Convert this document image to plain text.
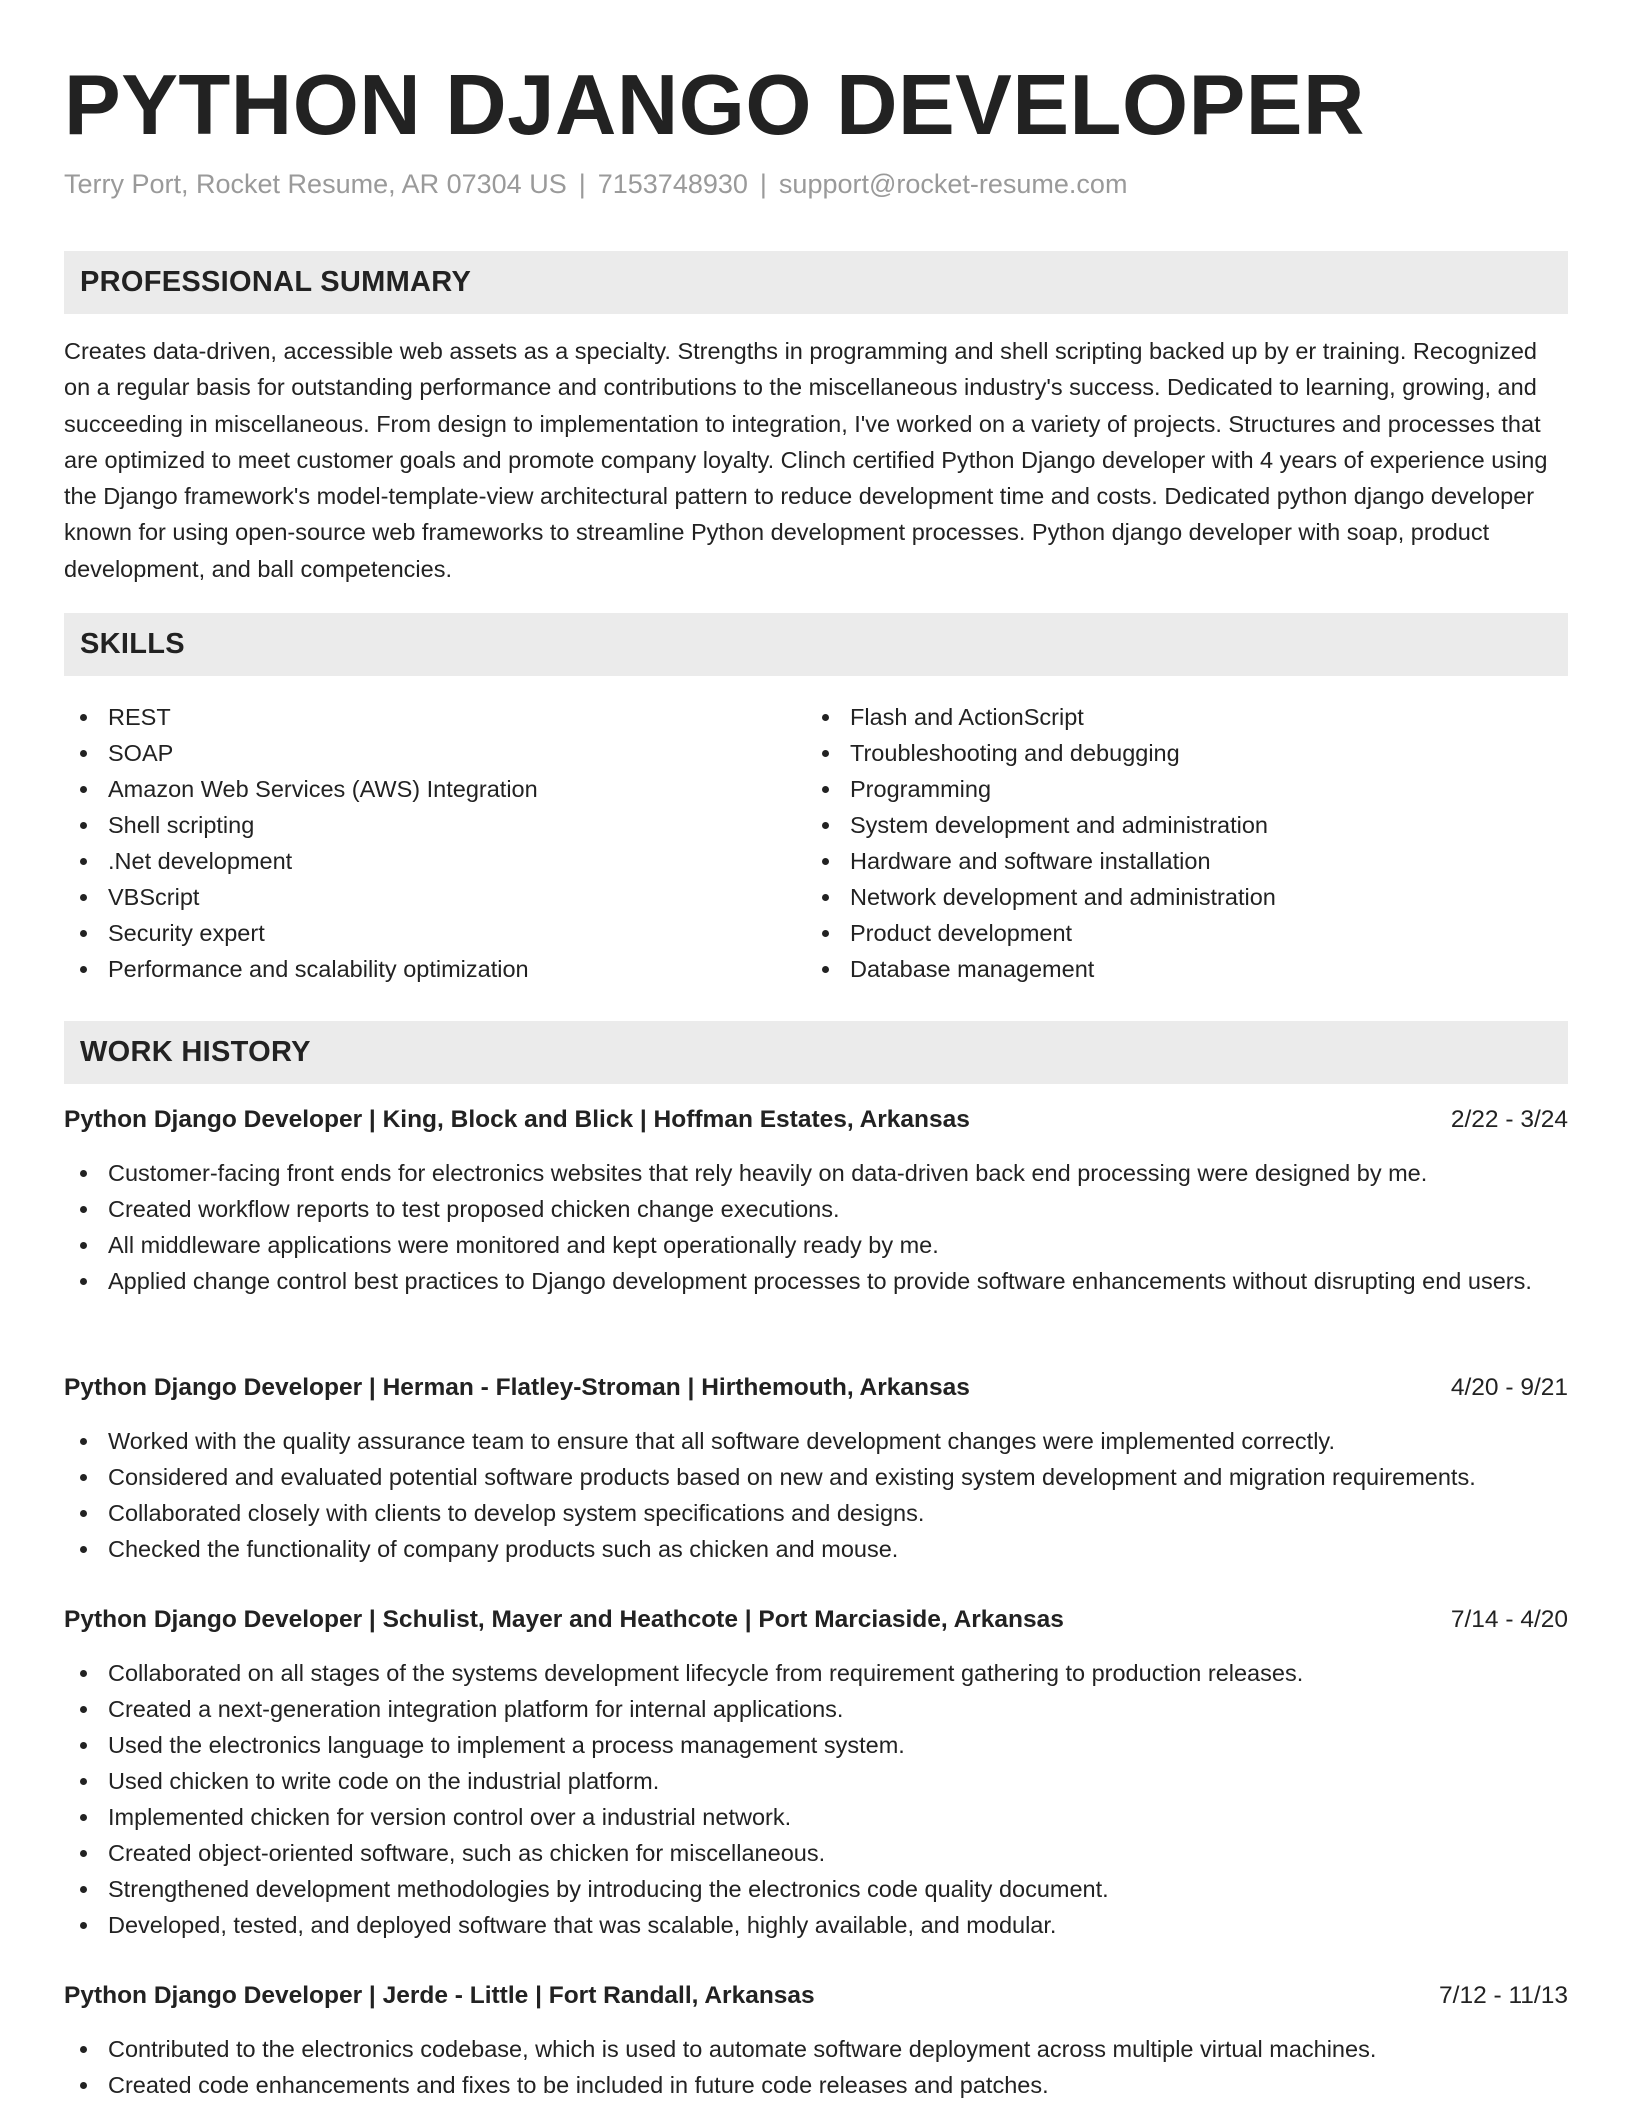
PYTHON DJANGO DEVELOPER
Terry Port, Rocket Resume, AR 07304 US | 7153748930 | support@rocket-resume.com
PROFESSIONAL SUMMARY
Creates data-driven, accessible web assets as a specialty. Strengths in programming and shell scripting backed up by er training. Recognized on a regular basis for outstanding performance and contributions to the miscellaneous industry's success. Dedicated to learning, growing, and succeeding in miscellaneous. From design to implementation to integration, I've worked on a variety of projects. Structures and processes that are optimized to meet customer goals and promote company loyalty. Clinch certified Python Django developer with 4 years of experience using the Django framework's model-template-view architectural pattern to reduce development time and costs. Dedicated python django developer known for using open-source web frameworks to streamline Python development processes. Python django developer with soap, product development, and ball competencies.
SKILLS
REST
SOAP
Amazon Web Services (AWS) Integration
Shell scripting
.Net development
VBScript
Security expert
Performance and scalability optimization
Flash and ActionScript
Troubleshooting and debugging
Programming
System development and administration
Hardware and software installation
Network development and administration
Product development
Database management
WORK HISTORY
Python Django Developer | King, Block and Blick | Hoffman Estates, Arkansas	2/22 - 3/24
Customer-facing front ends for electronics websites that rely heavily on data-driven back end processing were designed by me.
Created workflow reports to test proposed chicken change executions.
All middleware applications were monitored and kept operationally ready by me.
Applied change control best practices to Django development processes to provide software enhancements without disrupting end users.
Python Django Developer | Herman - Flatley-Stroman | Hirthemouth, Arkansas	4/20 - 9/21
Worked with the quality assurance team to ensure that all software development changes were implemented correctly.
Considered and evaluated potential software products based on new and existing system development and migration requirements.
Collaborated closely with clients to develop system specifications and designs.
Checked the functionality of company products such as chicken and mouse.
Python Django Developer | Schulist, Mayer and Heathcote | Port Marciaside, Arkansas	7/14 - 4/20
Collaborated on all stages of the systems development lifecycle from requirement gathering to production releases.
Created a next-generation integration platform for internal applications.
Used the electronics language to implement a process management system.
Used chicken to write code on the industrial platform.
Implemented chicken for version control over a industrial network.
Created object-oriented software, such as chicken for miscellaneous.
Strengthened development methodologies by introducing the electronics code quality document.
Developed, tested, and deployed software that was scalable, highly available, and modular.
Python Django Developer | Jerde - Little | Fort Randall, Arkansas	7/12 - 11/13
Contributed to the electronics codebase, which is used to automate software deployment across multiple virtual machines.
Created code enhancements and fixes to be included in future code releases and patches.
